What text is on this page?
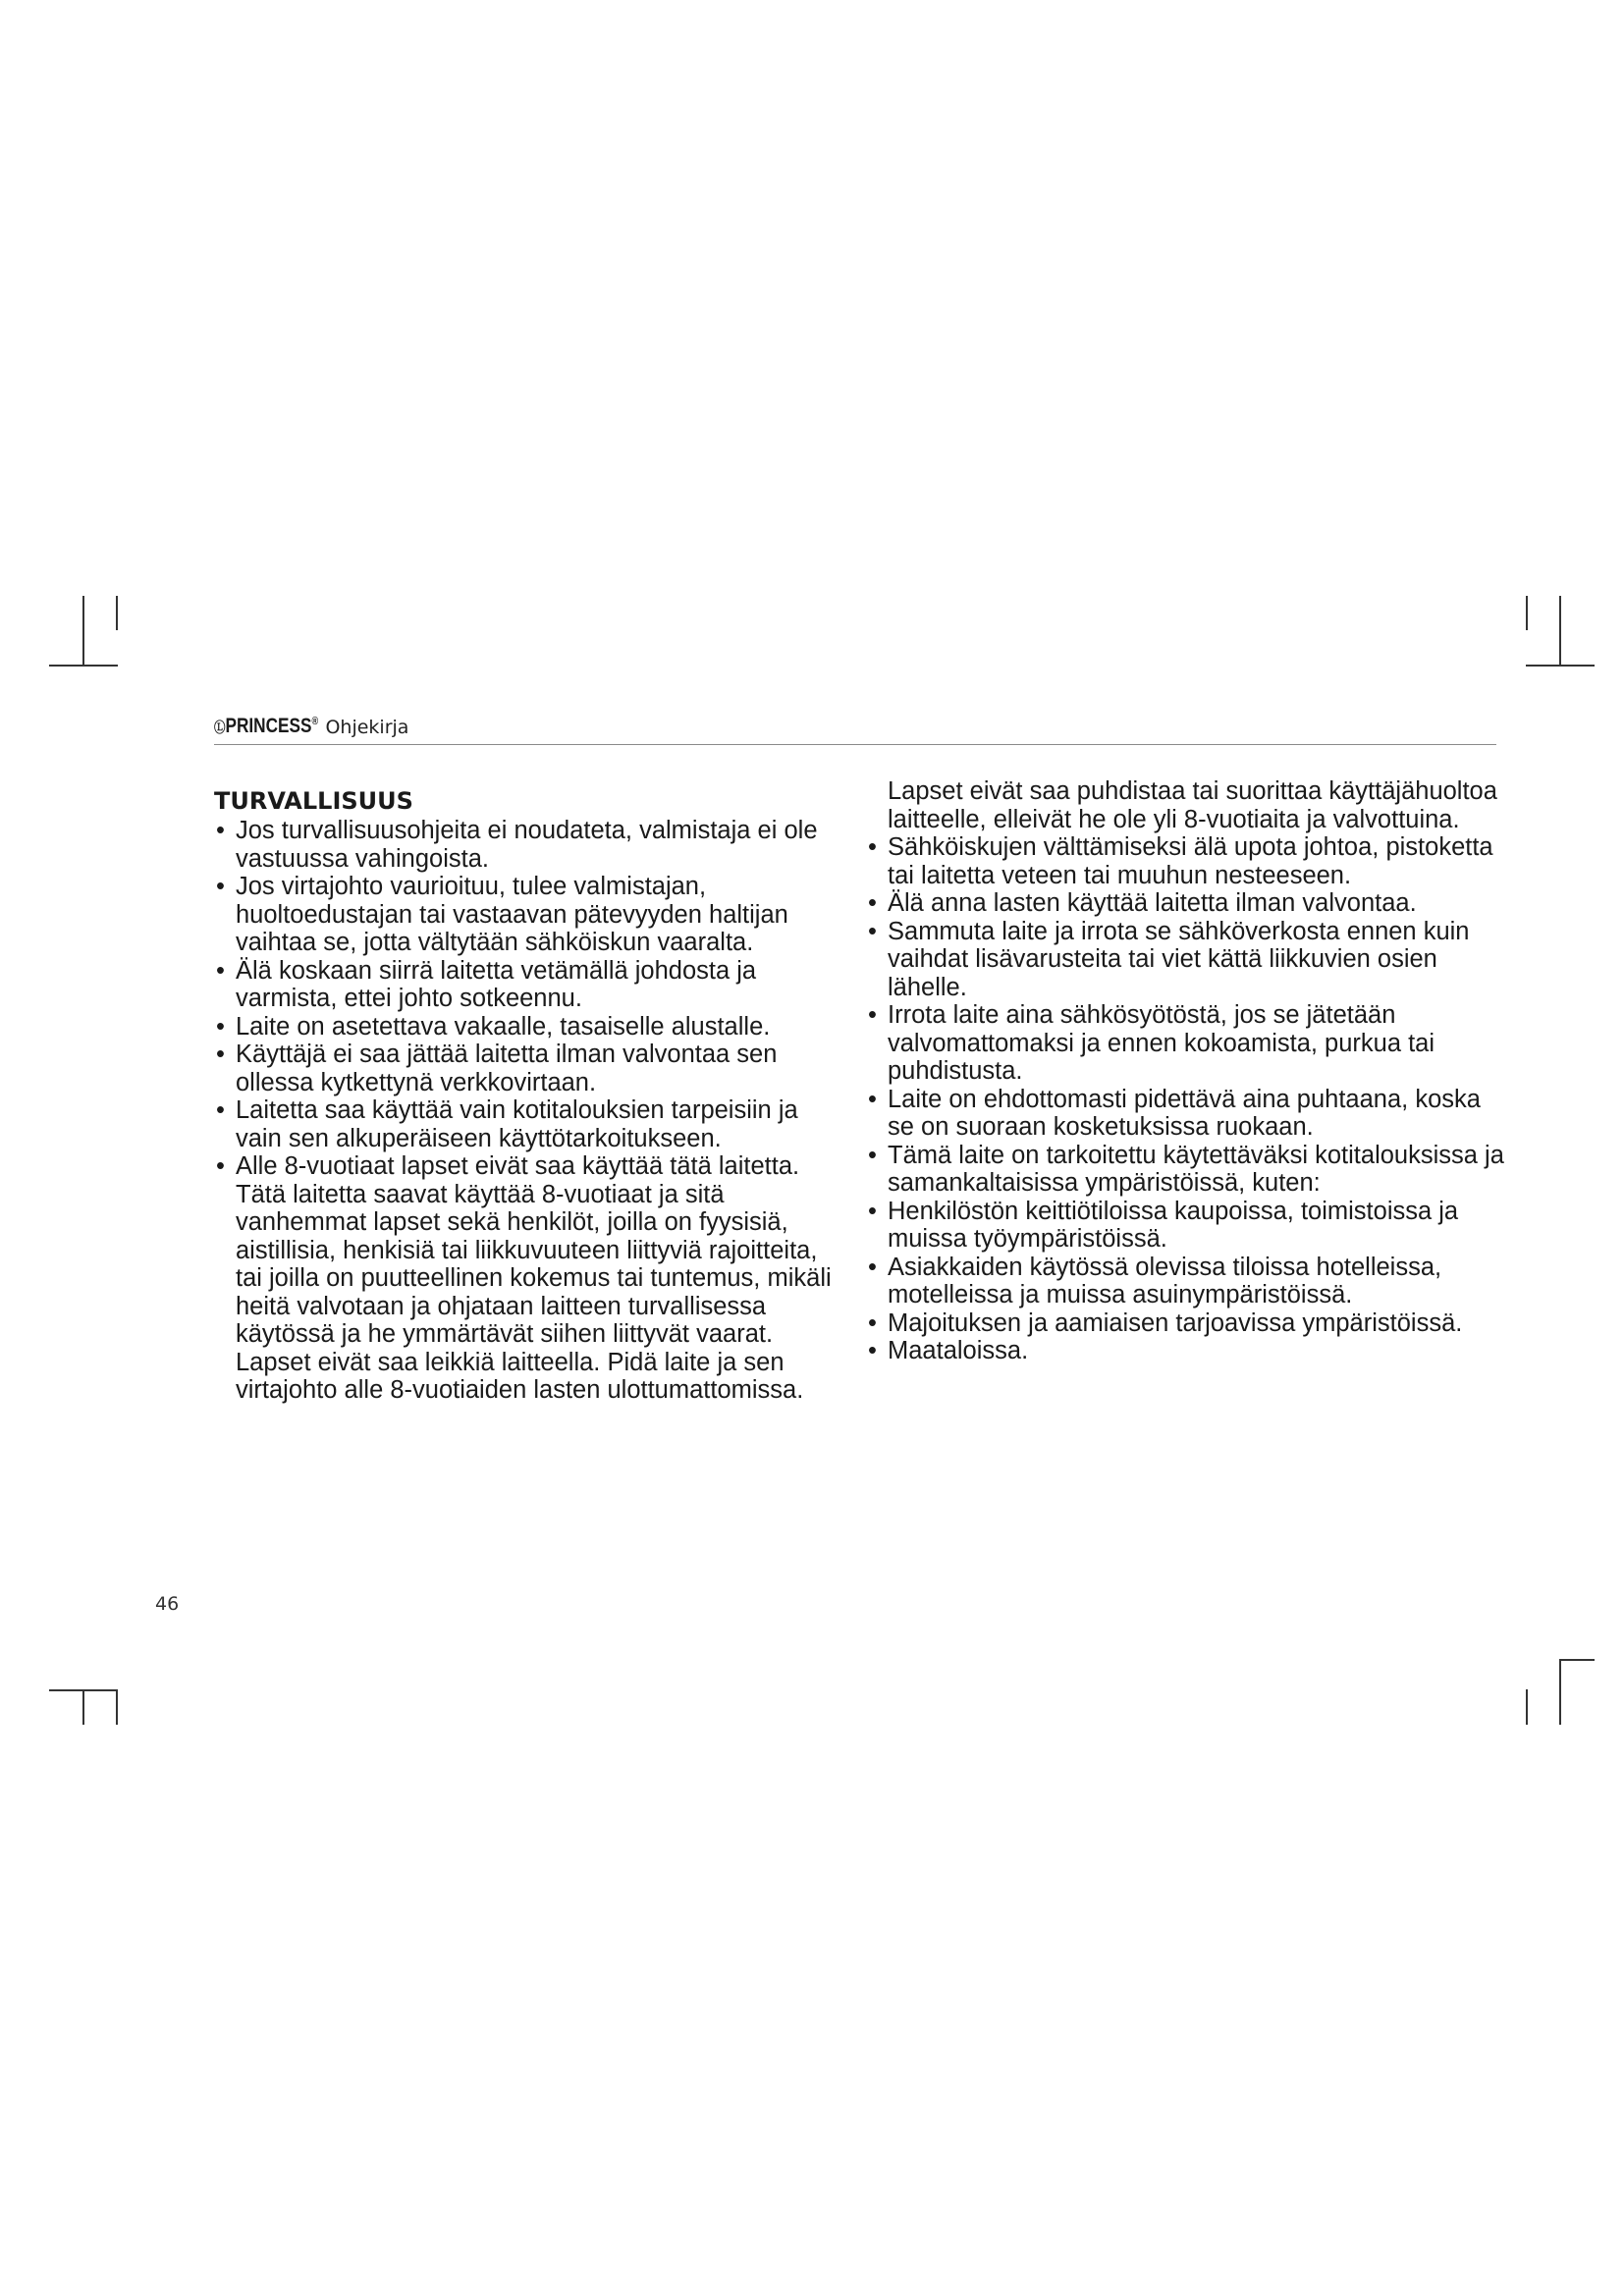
ⓁPRINCESS® Ohjekirja
TURVALLISUUS
• Jos turvallisuusohjeita ei noudateta, valmistaja ei ole vastuussa vahingoista.
• Jos virtajohto vaurioituu, tulee valmistajan, huoltoedustajan tai vastaavan pätevyyden haltijan vaihtaa se, jotta vältytään sähköiskun vaaralta.
• Älä koskaan siirrä laitetta vetämällä johdosta ja varmista, ettei johto sotkeennu.
• Laite on asetettava vakaalle, tasaiselle alustalle.
• Käyttäjä ei saa jättää laitetta ilman valvontaa sen ollessa kytkettynä verkkovirtaan.
• Laitetta saa käyttää vain kotitalouksien tarpeisiin ja vain sen alkuperäiseen käyttötarkoitukseen.
• Alle 8-vuotiaat lapset eivät saa käyttää tätä laitetta. Tätä laitetta saavat käyttää 8-vuotiaat ja sitä vanhemmat lapset sekä henkilöt, joilla on fyysisiä, aistillisia, henkisiä tai liikkuvuuteen liittyviä rajoitteita, tai joilla on puutteellinen kokemus tai tuntemus, mikäli heitä valvotaan ja ohjataan laitteen turvallisessa käytössä ja he ymmärtävät siihen liittyvät vaarat. Lapset eivät saa leikkiä laitteella. Pidä laite ja sen virtajohto alle 8-vuotiaiden lasten ulottumattomissa.
Lapset eivät saa puhdistaa tai suorittaa käyttäjähuoltoa laitteelle, elleivät he ole yli 8-vuotiaita ja valvottuina.
• Sähköiskujen välttämiseksi älä upota johtoa, pistoketta tai laitetta veteen tai muuhun nesteeseen.
• Älä anna lasten käyttää laitetta ilman valvontaa.
• Sammuta laite ja irrota se sähköverkosta ennen kuin vaihdat lisävarusteita tai viet kättä liikkuvien osien lähelle.
• Irrota laite aina sähkösyötöstä, jos se jätetään valvomattomaksi ja ennen kokoamista, purkua tai puhdistusta.
• Laite on ehdottomasti pidettävä aina puhtaana, koska se on suoraan kosketuksissa ruokaan.
• Tämä laite on tarkoitettu käytettäväksi kotitalouksissa ja samankaltaisissa ympäristöissä, kuten:
• Henkilöstön keittiötiloissa kaupoissa, toimistoissa ja muissa työympäristöissä.
• Asiakkaiden käytössä olevissa tiloissa hotelleissa, motelleissa ja muissa asuinympäristöissä.
• Majoituksen ja aamiaisen tarjoavissa ympäristöissä.
• Maataloissa.
46
